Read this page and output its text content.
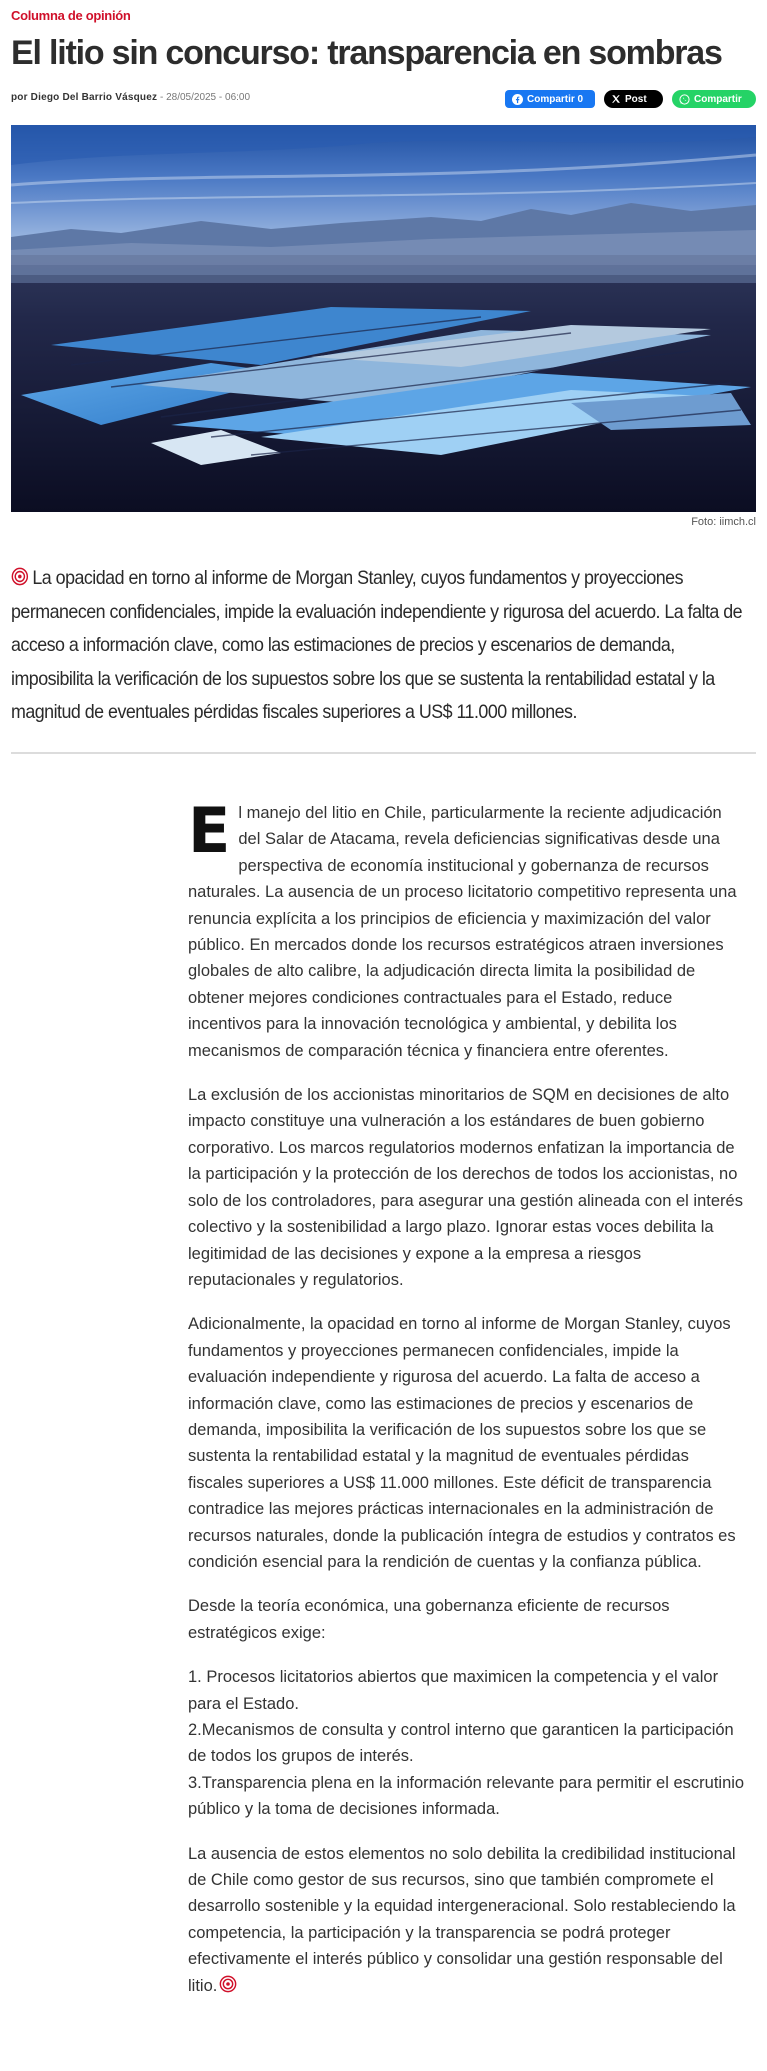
Columna de opinión
El litio sin concurso: transparencia en sombras
por Diego Del Barrio Vásquez - 28/05/2025 - 06:00	Compartir 0	Post	Compartir
Foto: iimch.cl
La opacidad en torno al informe de Morgan Stanley, cuyos fundamentos y proyecciones permanecen confidenciales, impide la evaluación independiente y rigurosa del acuerdo. La falta de acceso a información clave, como las estimaciones de precios y escenarios de demanda, imposibilita la verificación de los supuestos sobre los que se sustenta la rentabilidad estatal y la magnitud de eventuales pérdidas fiscales superiores a US$ 11.000 millones.

El manejo del litio en Chile, particularmente la reciente adjudicación del Salar de Atacama, revela deficiencias significativas desde una perspectiva de economía institucional y gobernanza de recursos naturales. La ausencia de un proceso licitatorio competitivo representa una renuncia explícita a los principios de eficiencia y maximización del valor público. En mercados donde los recursos estratégicos atraen inversiones globales de alto calibre, la adjudicación directa limita la posibilidad de obtener mejores condiciones contractuales para el Estado, reduce incentivos para la innovación tecnológica y ambiental, y debilita los mecanismos de comparación técnica y financiera entre oferentes.

La exclusión de los accionistas minoritarios de SQM en decisiones de alto impacto constituye una vulneración a los estándares de buen gobierno corporativo. Los marcos regulatorios modernos enfatizan la importancia de la participación y la protección de los derechos de todos los accionistas, no solo de los controladores, para asegurar una gestión alineada con el interés colectivo y la sostenibilidad a largo plazo. Ignorar estas voces debilita la legitimidad de las decisiones y expone a la empresa a riesgos reputacionales y regulatorios.

Adicionalmente, la opacidad en torno al informe de Morgan Stanley, cuyos fundamentos y proyecciones permanecen confidenciales, impide la evaluación independiente y rigurosa del acuerdo. La falta de acceso a información clave, como las estimaciones de precios y escenarios de demanda, imposibilita la verificación de los supuestos sobre los que se sustenta la rentabilidad estatal y la magnitud de eventuales pérdidas fiscales superiores a US$ 11.000 millones. Este déficit de transparencia contradice las mejores prácticas internacionales en la administración de recursos naturales, donde la publicación íntegra de estudios y contratos es condición esencial para la rendición de cuentas y la confianza pública.

Desde la teoría económica, una gobernanza eficiente de recursos estratégicos exige:

1. Procesos licitatorios abiertos que maximicen la competencia y el valor para el Estado.
2.Mecanismos de consulta y control interno que garanticen la participación de todos los grupos de interés.
3.Transparencia plena en la información relevante para permitir el escrutinio público y la toma de decisiones informada.

La ausencia de estos elementos no solo debilita la credibilidad institucional de Chile como gestor de sus recursos, sino que también compromete el desarrollo sostenible y la equidad intergeneracional. Solo restableciendo la competencia, la participación y la transparencia se podrá proteger efectivamente el interés público y consolidar una gestión responsable del litio.
